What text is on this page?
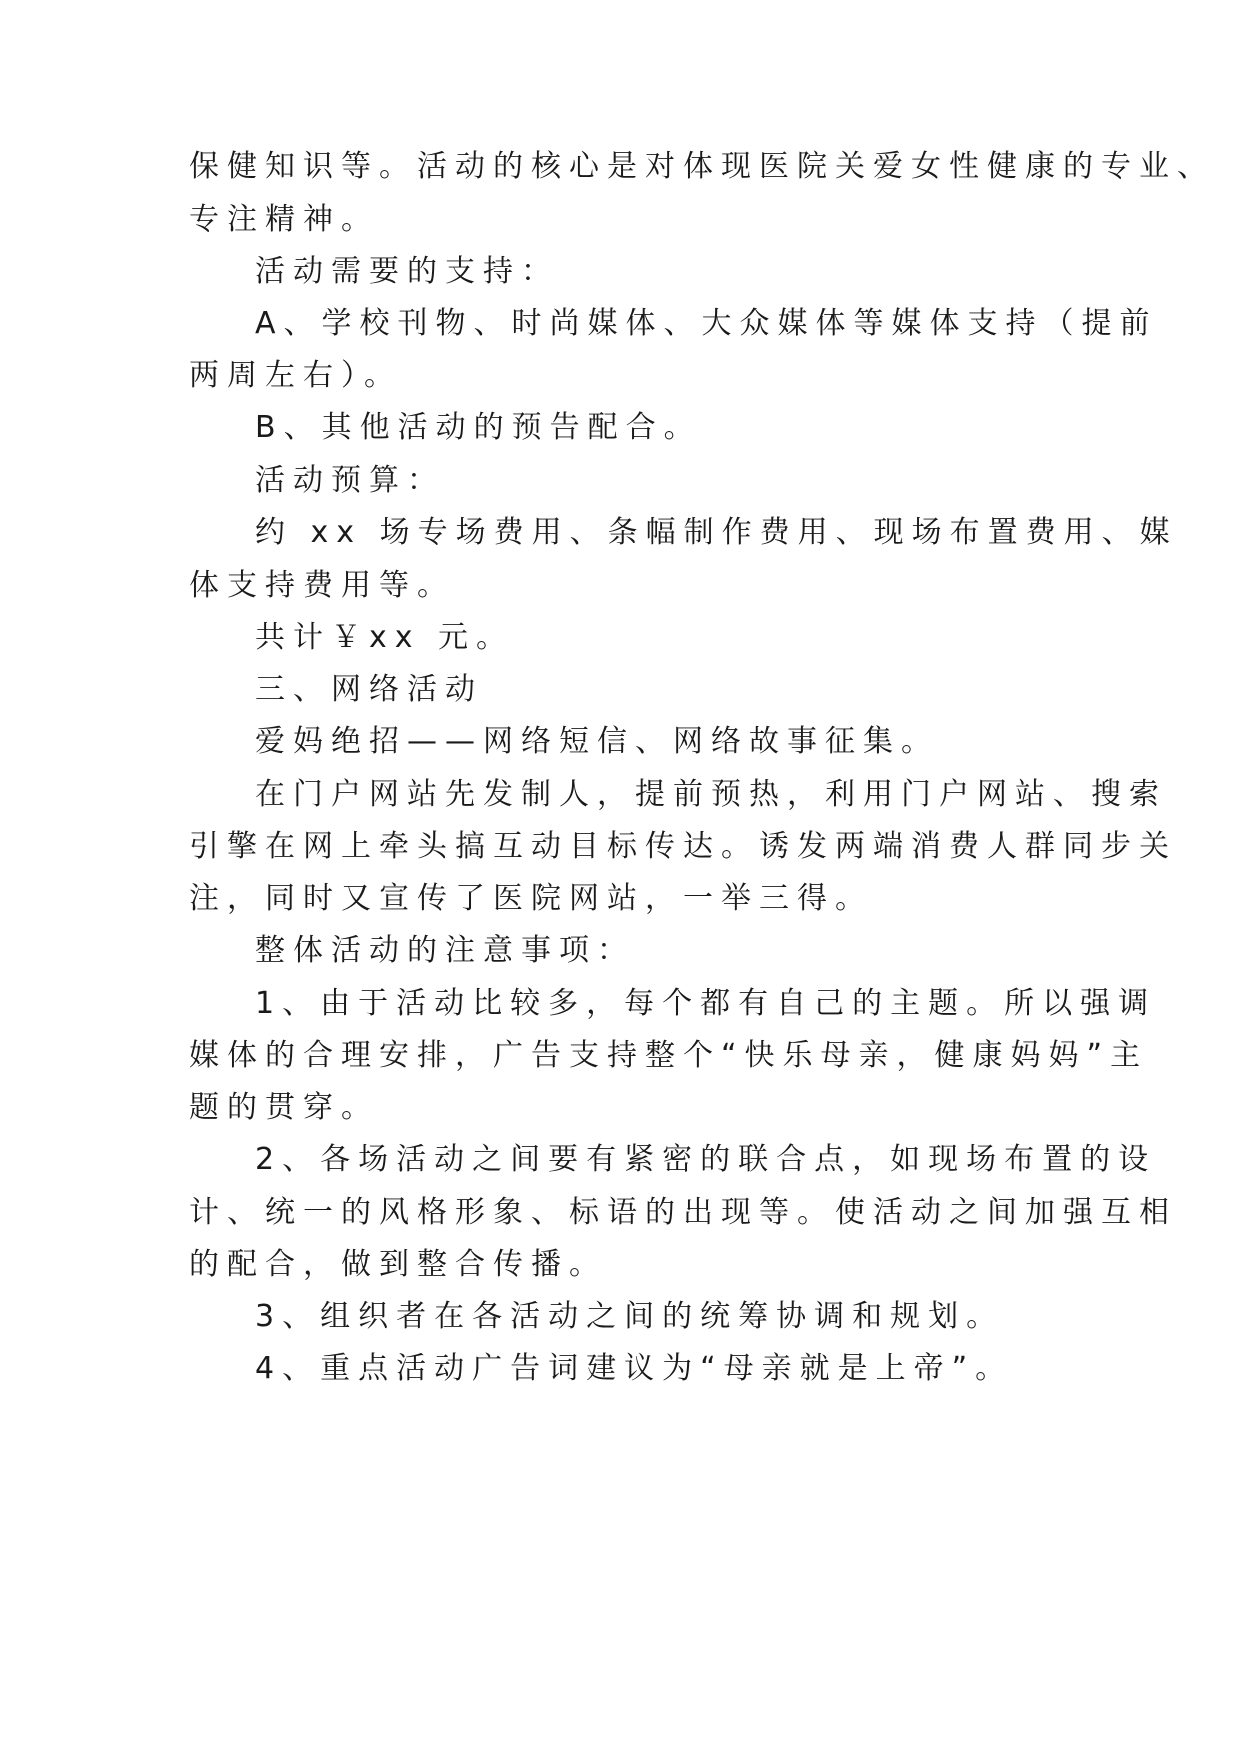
保健知识等。活动的核心是对体现医院关爱女性健康的专业、
专注精神。
活动需要的支持：
A、学校刊物、时尚媒体、大众媒体等媒体支持（提前
两周左右）。
B、其他活动的预告配合。
活动预算：
约 xx 场专场费用、条幅制作费用、现场布置费用、媒
体支持费用等。
共计￥xx 元。
三、网络活动
爱妈绝招——网络短信、网络故事征集。
在门户网站先发制人，提前预热，利用门户网站、搜索
引擎在网上牵头搞互动目标传达。诱发两端消费人群同步关
注，同时又宣传了医院网站，一举三得。
整体活动的注意事项：
1、由于活动比较多，每个都有自己的主题。所以强调
媒体的合理安排，广告支持整个“快乐母亲，健康妈妈”主
题的贯穿。
2、各场活动之间要有紧密的联合点，如现场布置的设
计、统一的风格形象、标语的出现等。使活动之间加强互相
的配合，做到整合传播。
3、组织者在各活动之间的统筹协调和规划。
4、重点活动广告词建议为“母亲就是上帝”。
